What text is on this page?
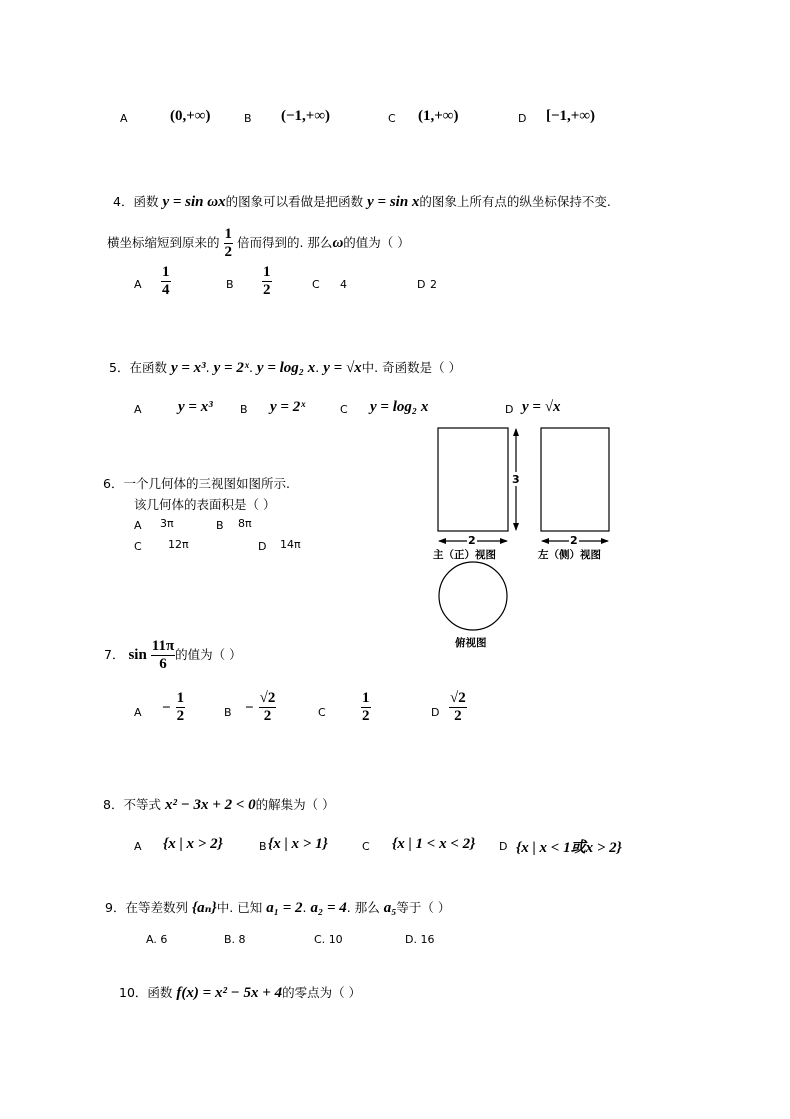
A	(0,+∞)	B (−1,+∞)	C (1,+∞)	D [−1,+∞)
4．函数 y = sin ωx的图象可以看做是把函数 y = sin x的图象上所有点的纵坐标保持不变.
横坐标缩短到原来的 $\frac{1}{2}$ 倍而得到的. 那么ω的值为（ ）
A $\frac{1}{4}$	B $\frac{1}{2}$	C 4	D 2
5．在函数 y = x³. y = 2ˣ. y = log₂ x. y = √x中. 奇函数是（ ）
A y = x³ B y = 2ˣ	C y = log₂ x	D y = √x
6．一个几何体的三视图如图所示.
该几何体的表面积是（ ）
A 3π	B 8π
C 12π	D 14π
3
2	2
主（正）视图	左（侧）视图
俯视图
7． $\sin \frac{11\pi}{6}$ 的值为（ ）
$A - \frac{1}{2}$	$B - \frac{√2}{2}$	C $\frac{1}{2}$	D $\frac{√2}{2}$
8．不等式 x² − 3x + 2 < 0的解集为（ ）
A {x | x > 2}	B {x | x > 1}	C {x | 1 < x < 2} D {x | x < 1或x > 2}
9．在等差数列 {aₙ}中. 已知 a₁ = 2. a₂ = 4. 那么 a₅等于（ ）
A. 6	B. 8	C. 10	D. 16
10．函数 f(x) = x² − 5x + 4的零点为（ ）
